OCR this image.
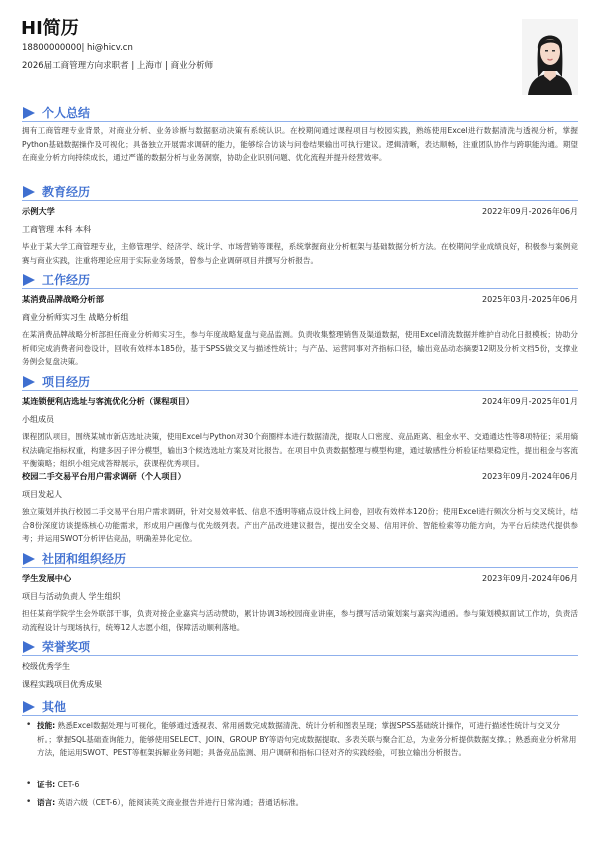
HI简历
18800000000| hi@hicv.cn
2026届工商管理方向求职者 | 上海市 | 商业分析师
个人总结
拥有工商管理专业背景，对商业分析、业务诊断与数据驱动决策有系统认识。在校期间通过课程项目与校园实践，熟练使用Excel进行数据清洗与透视分析，掌握Python基础数据操作及可视化；具备独立开展需求调研的能力，能够综合访谈与问卷结果输出可执行建议。逻辑清晰，表达顺畅，注重团队协作与跨职能沟通。期望在商业分析方向持续成长，通过严谨的数据分析与业务洞察，协助企业识别问题、优化流程并提升经营效率。
教育经历
示例大学	2022年09月-2026年06月
工商管理 本科 本科
毕业于某大学工商管理专业，主修管理学、经济学、统计学、市场营销等课程，系统掌握商业分析框架与基础数据分析方法。在校期间学业成绩良好，积极参与案例竞赛与商业实践，注重将理论应用于实际业务场景，曾参与企业调研项目并撰写分析报告。
工作经历
某消费品牌战略分析部	2025年03月-2025年06月
商业分析师实习生 战略分析组
在某消费品牌战略分析部担任商业分析师实习生，参与年度战略复盘与竞品监测。负责收集整理销售及渠道数据，使用Excel清洗数据并维护自动化日报模板；协助分析师完成消费者问卷设计，回收有效样本185份，基于SPSS做交叉与描述性统计；与产品、运营同事对齐指标口径，输出竞品动态摘要12期及分析文档5份，支撑业务例会复盘决策。
项目经历
某连锁便利店选址与客流优化分析（课程项目）	2024年09月-2025年01月
小组成员
课程团队项目，围绕某城市新店选址决策，使用Excel与Python对30个商圈样本进行数据清洗，提取人口密度、竞品距离、租金水平、交通通达性等8项特征；采用熵权法确定指标权重，构建多因子评分模型，输出3个候选选址方案及对比报告。在项目中负责数据整理与模型构建，通过敏感性分析验证结果稳定性，提出租金与客流平衡策略；组织小组完成答辩展示，获课程优秀项目。
校园二手交易平台用户需求调研（个人项目）	2023年09月-2024年06月
项目发起人
独立策划并执行校园二手交易平台用户需求调研，针对交易效率低、信息不透明等痛点设计线上问卷，回收有效样本120份；使用Excel进行频次分析与交叉统计，结合8份深度访谈提炼核心功能需求，形成用户画像与优先级列表。产出产品改进建议报告，提出安全交易、信用评价、智能检索等功能方向，为平台后续迭代提供参考；并运用SWOT分析评估竞品，明确差异化定位。
社团和组织经历
学生发展中心	2023年09月-2024年06月
项目与活动负责人 学生组织
担任某商学院学生会外联部干事，负责对接企业嘉宾与活动赞助，累计协调3场校园商业讲座，参与撰写活动策划案与嘉宾沟通函。参与策划模拟面试工作坊，负责活动流程设计与现场执行，统筹12人志愿小组，保障活动顺利落地。
荣誉奖项
校级优秀学生
课程实践项目优秀成果
其他
• 技能: 熟悉Excel数据处理与可视化，能够通过透视表、常用函数完成数据清洗、统计分析和图表呈现；掌握SPSS基础统计操作，可进行描述性统计与交叉分析。；掌握SQL基础查询能力，能够使用SELECT、JOIN、GROUP BY等语句完成数据提取、多表关联与聚合汇总，为业务分析提供数据支撑。；熟悉商业分析常用方法，能运用SWOT、PEST等框架拆解业务问题；具备竞品监测、用户调研和指标口径对齐的实践经验，可独立输出分析报告。
• 证书: CET-6
• 语言: 英语六级（CET-6），能阅读英文商业报告并进行日常沟通；普通话标准。
